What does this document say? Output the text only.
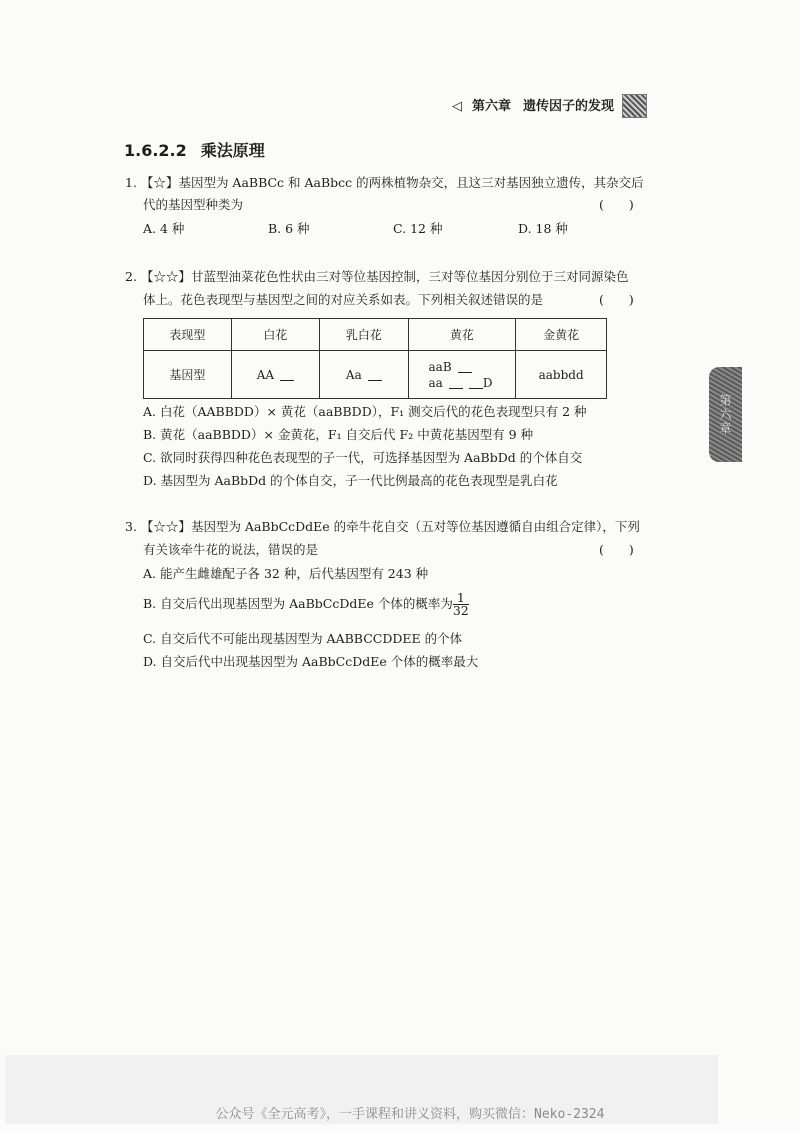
◁ 第六章 遗传因子的发现
1.6.2.2 乘法原理
1. 【☆】基因型为 AaBBCc 和 AaBbcc 的两株植物杂交，且这三对基因独立遗传，其杂交后
代的基因型种类为	(　　)
A. 4 种	B. 6 种	C. 12 种	D. 18 种
2. 【☆☆】甘蓝型油菜花色性状由三对等位基因控制，三对等位基因分别位于三对同源染色
体上。花色表现型与基因型之间的对应关系如表。下列相关叙述错误的是	(　　)
表现型	白花	乳白花	黄花	金黄花
基因型	AA	Aa	aaB
aa D	aabbdd
A. 白花（AABBDD）× 黄花（aaBBDD），F₁ 测交后代的花色表现型只有 2 种
B. 黄花（aaBBDD）× 金黄花，F₁ 自交后代 F₂ 中黄花基因型有 9 种
C. 欲同时获得四种花色表现型的子一代，可选择基因型为 AaBbDd 的个体自交
D. 基因型为 AaBbDd 的个体自交，子一代比例最高的花色表现型是乳白花
3. 【☆☆】基因型为 AaBbCcDdEe 的牵牛花自交（五对等位基因遵循自由组合定律），下列
有关该牵牛花的说法，错误的是	(　　)
A. 能产生雌雄配子各 32 种，后代基因型有 243 种
B. 自交后代出现基因型为 AaBbCcDdEe 个体的概率为 $\frac{1}{32}$
C. 自交后代不可能出现基因型为 AABBCCDDEE 的个体
D. 自交后代中出现基因型为 AaBbCcDdEe 个体的概率最大
第六章
公众号《全元高考》，一手课程和讲义资料，购买微信：Neko-2324
